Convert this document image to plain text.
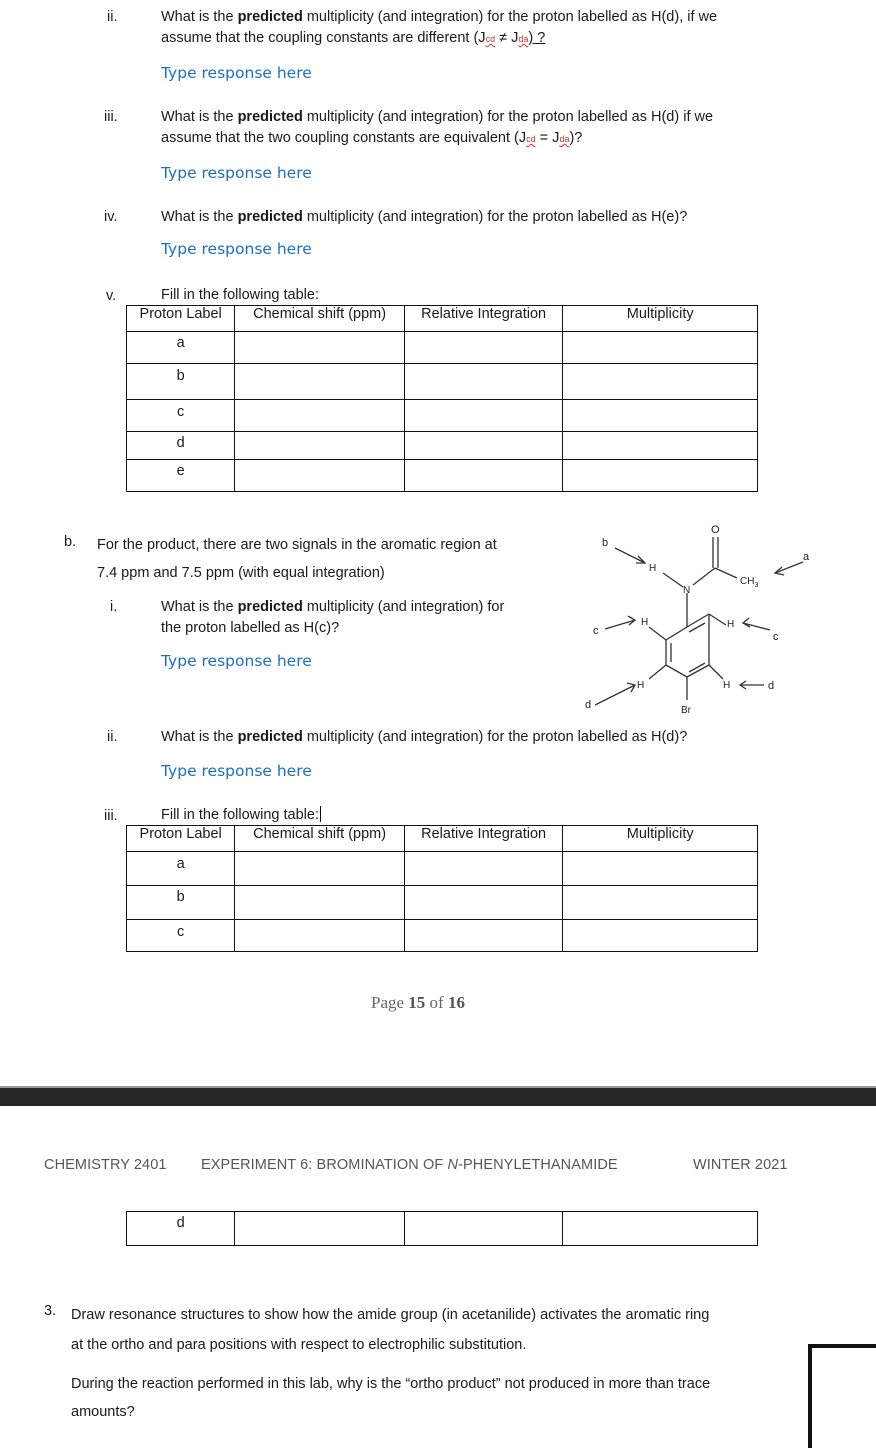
ii.	What is the predicted multiplicity (and integration) for the proton labelled as H(d), if we
assume that the coupling constants are different (Jcd ≠ Jda) ?
Type response here
iii.	What is the predicted multiplicity (and integration) for the proton labelled as H(d) if we
assume that the two coupling constants are equivalent (Jcd = Jda)?
Type response here
iv.	What is the predicted multiplicity (and integration) for the proton labelled as H(e)?
Type response here
v.	Fill in the following table:
Proton Label	Chemical shift (ppm)	Relative Integration	Multiplicity
a			
b			
c			
d			
e			
b. For the product, there are two signals in the aromatic region at
7.4 ppm and 7.5 ppm (with equal integration)
i.	What is the predicted multiplicity (and integration) for
the proton labelled as H(c)?
Type response here
b
a
c	c
d
d
O
N
$CH_3$
H
H	H
H	H
Br
ii.	What is the predicted multiplicity (and integration) for the proton labelled as H(d)?
Type response here
iii.	Fill in the following table:
Proton Label	Chemical shift (ppm)	Relative Integration	Multiplicity
a			
b			
c			
Page 15 of 16
CHEMISTRY 2401 EXPERIMENT 6: BROMINATION OF N-PHENYLETHANAMIDE	WINTER 2021
d			
3. Draw resonance structures to show how the amide group (in acetanilide) activates the aromatic ring
at the ortho and para positions with respect to electrophilic substitution.
During the reaction performed in this lab, why is the “ortho product” not produced in more than trace
amounts?
